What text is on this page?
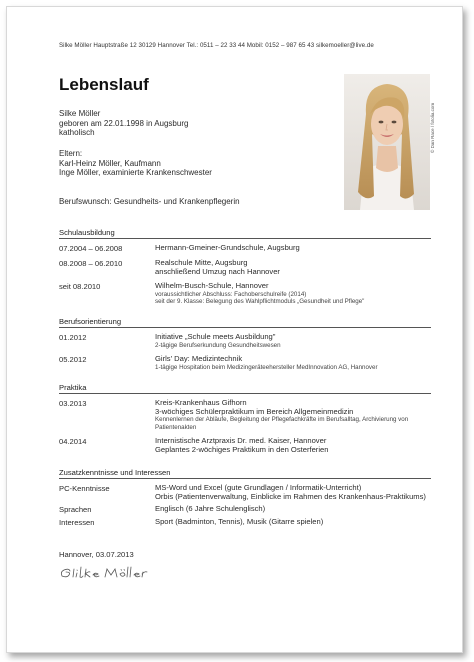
Silke Möller Hauptstraße 12 30129 Hannover Tel.: 0511 – 22 33 44 Mobil: 0152 – 987 65 43 silkemoeller@live.de
Lebenslauf
Silke Möller
geboren am 22.01.1998 in Augsburg
katholisch
Eltern:
Karl-Heinz Möller, Kaufmann
Inge Möller, examinierte Krankenschwester
Berufswunsch: Gesundheits- und Krankenpflegerin
© Dan Race / fotolia.com
Schulausbildung
07.2004 – 06.2008	Hermann-Gmeiner-Grundschule, Augsburg
08.2008 – 06.2010	Realschule Mitte, Augsburg
anschließend Umzug nach Hannover
seit 08.2010	Wilhelm-Busch-Schule, Hannover
voraussichtlicher Abschluss: Fachoberschulreife (2014)
seit der 9. Klasse: Belegung des Wahlpflichtmoduls „Gesundheit und Pflege"
Berufsorientierung
01.2012	Initiative „Schule meets Ausbildung"
2-tägige Berufserkundung Gesundheitswesen
05.2012	Girls' Day: Medizintechnik
1-tägige Hospitation beim Medizingeräteehersteller MedInnovation AG, Hannover
Praktika
03.2013	Kreis-Krankenhaus Gifhorn
3-wöchiges Schülerpraktikum im Bereich Allgemeinmedizin
Kennenlernen der Abläufe, Begleitung der Pflegefachkräfte im Berufsalltag, Archivierung von Patientenakten
04.2014	Internistische Arztpraxis Dr. med. Kaiser, Hannover
Geplantes 2-wöchiges Praktikum in den Osterferien
Zusatzkenntnisse und Interessen
PC-Kenntnisse	MS-Word und Excel (gute Grundlagen / Informatik-Unterricht)
Orbis (Patientenverwaltung, Einblicke im Rahmen des Krankenhaus-Praktikums)
Sprachen	Englisch (6 Jahre Schulenglisch)
Interessen	Sport (Badminton, Tennis), Musik (Gitarre spielen)
Hannover, 03.07.2013
